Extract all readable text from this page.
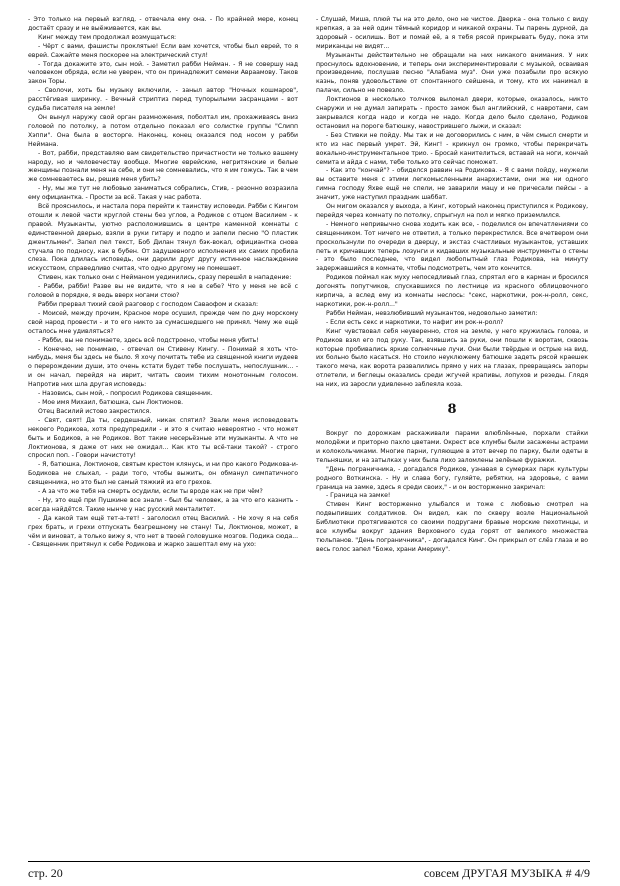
- Это только на первый взгляд, - отвечала ему она. - По крайней мере, конец достаёт сразу и не выёживается, как вы.

Кинг между тем продолжал возмущаться:

- Чёрт с вами, фашисты проклятые! Если вам хочется, чтобы был еврей, то я еврей. Сажайте меня поскорее на электрический стул!

- Тогда докажите это, сын мой. - Заметил рабби Нейман. - Я не совершу над человеком обряда, если не уверен, что он принадлежит семени Авраамову. Таков закон Торы.

- Сволочи, хоть бы музыку включили, - заныл автор "Ночных кошмаров", расстёгивая ширинку. - Вечный стриптиз перед тупорылыми засранцами - вот судьба писателя на земле!

Он вынул наружу свой орган размножения, поболтал им, прохаживаясь вниз головой по потолку, а потом отдельно показал его солистке группы "Слипп Хэппи". Она была в восторге. Наконец, конец оказался под носом у рабби Неймана.

- Вот, рабби, представляю вам свидетельство причастности не только вашему народу, но и человечеству вообще. Многие еврейские, негритянские и белые женщины познали меня на себе, и они не сомневались, что я им гожусь. Так в чем же сомневаетесь вы, решив меня убить?

- Ну, мы же тут не любовью заниматься собрались, Стив, - резонно возразила ему официантка. - Прости за всё. Такая у нас работа.

Всё прояснилось, и настала пора перейти к таинству исповеди. Рабби с Кингом отошли к левой части круглой стены без углов, а Родиков с отцом Василием - к правой. Музыканты, уютно расположившись в центре каменной комнаты с единственной дверью, взяли в руки гитару и подпо и запели песню "О пластик джентльмен". Запел пел текст, Боб Дилан тянул бэк-вокал, официантка снова стучала по подносу, как в бубен. От задушевного исполнения их самих пробила слеза. Пока длилась исповедь, они дарили друг другу истинное наслаждение искусством, справедливо считая, что одно другому не помешает.

Стивен, как только они с Нейманом уединились, сразу перешёл в нападение:

- Рабби, рабби! Разве вы не видите, что я не в себе? Что у меня не всё с головой в порядке, я ведь вверх ногами стою?

Рабби прервал тихий свой разговор с господом Саваофом и сказал:

- Моисей, между прочим, Красное море осушил, прежде чем по дну морскому свой народ провести - и то его никто за сумасшедшего не принял. Чему же ещё осталось мне удивляться?

- Рабби, вы не понимаете, здесь всё подстроено, чтобы меня убить!

- Конечно, не понимаю, - отвечал он Стивену Кингу. - Понимай я хоть что-нибудь, меня бы здесь не было. Я хочу почитать тебе из священной книги иудеев о перерождении души, это очень кстати будет тебе послушать, непослушник... - и он начал, перейдя на иврит, читать своим тихим монотонным голосом. Напротив них шла другая исповедь:

- Назовись, сын мой, - попросил Родикова священник.

- Мое имя Михаил, батюшка, сын Локтионов.

Отец Василий истово закрестился.

- Свят, свят! Да ты, сердешный, никак спятил? Звали меня исповедовать некоего Родикова, хотя предупредили - и это я считаю невероятно - что может быть и Бодиков, а не Родиков. Вот такие несерьёзные эти музыканты. А что не Локтионова, я даже от них не ожидал... Как кто ты всё-таки такой? - строго спросил поп. - Говори начистоту!

- Я, батюшка, Локтионов, святым крестом клянусь, и ни про какого Родикова-и-Бодикова не слыхал, - ради того, чтобы выжить, он обманул симпатичного священника, но это был не самый тяжкий из его грехов.

- А за что же тебя на смерть осудили, если ты вроде как не при чём?

- Ну, это ещё при Пушкине все знали - был бы человек, а за что его казнить - всегда найдётся. Такие нынче у нас русский менталитет.

- Да какой там ещё тет-а-тет! - заголосил отец Василий. - Не хочу я на себя грех брать, и грехи отпускать безгрешному не стану! Ты, Локтионов, может, в чём и виноват, а только вижу я, что нет в твоей головушке мозгов. Подика сюда... - Священник притянул к себе Родикова и жарко зашептал ему на ухо:

- Слушай, Миша, плюй ты на это дело, оно не чистое. Дверка - она только с виду крепкая, а за ней один тёмный коридор и никакой охраны. Ты парень дурной, да здоровый - осилишь. Вот и помай её, а я тебя рясой прикрывать буду, пока эти мириканцы не видят...

Музыканты действительно не обращали на них никакого внимания. У них проснулось вдохновение, и теперь они экспериментировали с музыкой, осваивая произведение, послушав песню "Алабама муз". Они уже позабыли про всякую казнь, поняв удовольствие от спонтанного сейшена, и тому, кто их нанимал в палачи, сильно не повезло.

Локтионов в несколько толчков выломал двери, которые, оказалось, никто снаружи и не думал запирать - просто замок был английский, с навротами, сам закрывался когда надо и когда не надо. Когда дело было сделано, Родиков остановил на пороге батюшку, навострившего лыжи, и сказал:

- Без Стивки не пойду. Мы так и не договорились с ним, в чём смысл смерти и кто из нас первый умрет. Эй, Кинг! - крикнул он громко, чтобы перекричать вокально-инструментальное трио. - Бросай канителиться, вставай на ноги, кончай семита и айда с нами, тебе только это сейчас поможет.

- Как это "кончай"? - обиделся раввин на Родикова. - Я с вами пойду, неужели вы оставите меня с этими легкомысленными анархистами, они же ни одного гимна господу Яхве ещё не спели, не заварили мацу и не причесали пейсы - а значит, уже наступил праздник шаббат.

Он мигом оказался у выхода, а Кинг, который наконец приступился к Родикову, перейдя через комнату по потолку, спрыгнул на пол и мягко приземлился.

- Немного непривычно снова ходить как все, - поделился он впечатлениями со священником. Тот ничего не ответил, а только перекрестился. Все вчетвером они проскользнули по очереди в дверцу, и экстаз счастливых музыкантов, уставших петь и кричавших теперь лозунги и кидавших музыкальные инструменты о стены - это было последнее, что видел любопытный глаз Родикова, на минуту задержавшийся в комнате, чтобы подсмотреть, чем это кончится.

Родиков поймал как муху непоседливый глаз, спрятал его в карман и бросился догонять попутчиков, спускавшихся по лестнице из красного облицовочного кирпича, а вслед ему из комнаты неслось: "секс, наркотики, рок-н-ролл, секс, наркотики, рок-н-ролл..."

Рабби Нейман, невзлюбивший музыкантов, недовольно заметил:

- Если есть секс и наркотики, то нафиг им рок-н-ролл?

Кинг чувствовал себя неуверенно, стоя на земле, у него кружилась голова, и Родиков взял его под руку. Так, взявшись за руки, они пошли к воротам, сквозь которые пробивались яркие солнечные лучи. Они были твёрдые и острые на вид, их больно было касаться. Но стоило неуклюжему батюшке задеть рясой краешек такого меча, как ворота развалились прямо у них на глазах, превращаясь запоры отлетели, и беглецы оказались среди жгучей крапивы, лопухов и резеды. Глядя на них, из заросли удивленно заблеяла коза.

8

Вокруг по дорожкам расхаживали парами влюблённые, порхали стайки молодёжи и приторно пахло цветами. Окрест все клумбы были засажены астрами и колокольчиками. Многие парни, гуляющие в этот вечер по парку, были одеты в тельняшки, и на затылках у них была лихо заломлены зелёные фуражки.

"День пограничника, - догадался Родиков, узнавая в сумерках парк культуры родного Воткинска. - Ну и слава богу, гуляйте, ребятки, на здоровье, с вами граница на замке, здесь я среди своих," - и он восторженно закричал:

- Граница на замке!

Стивен Кинг восторженно улыбался и тоже с любовью смотрел на подвыпивших солдатиков. Он видел, как по скверу возле Национальной Библиотеки протягиваются со своими подругами бравые морские пехотинцы, и все клумбы вокруг здания Верховного суда горят от великого множества тюльпанов. "День пограничника", - догадался Кинг. Он прикрыл от слёз глаза и во весь голос запел "Боже, храни Америку".

стр. 20	совсем ДРУГАЯ МУЗЫКА # 4/9
